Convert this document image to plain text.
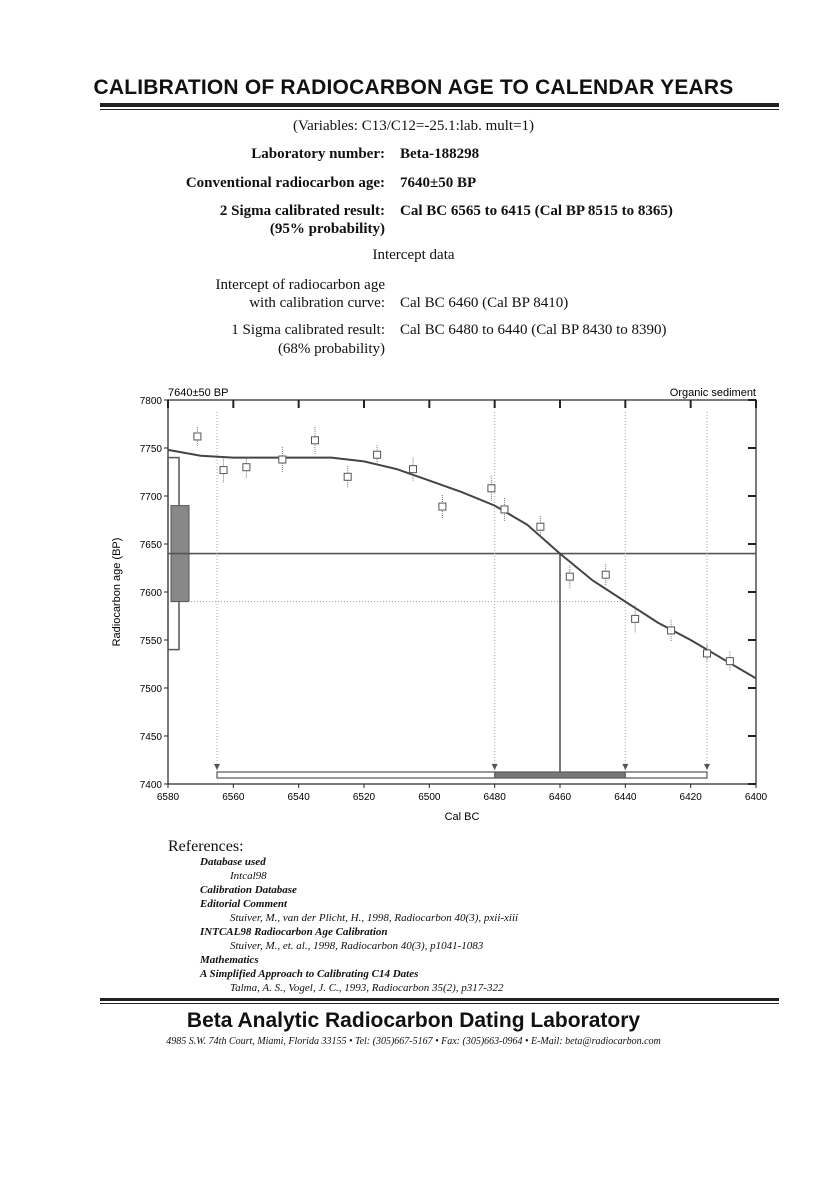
CALIBRATION OF RADIOCARBON AGE TO CALENDAR YEARS
(Variables: C13/C12=-25.1:lab. mult=1)
Laboratory number: Beta-188298
Conventional radiocarbon age: 7640±50 BP
2 Sigma calibrated result:
(95% probability)
Cal BC 6565 to 6415 (Cal BP 8515 to 8365)
Intercept data
Intercept of radiocarbon age
with calibration curve: Cal BC 6460 (Cal BP 8410)
1 Sigma calibrated result:
(68% probability)
Cal BC 6480 to 6440 (Cal BP 8430 to 8390)
6580	6560	6540	6520	6500	6480	6460	6440	6420	6400
7400
7450
7500
7550
7600
7650
7700
7750
7800
7640±50 BP	Organic sediment
Cal BC
Radiocarbon age (BP)
References:
Database used
Intcal98
Calibration Database
Editorial Comment
Stuiver, M., van der Plicht, H., 1998, Radiocarbon 40(3), pxii-xiii
INTCAL98 Radiocarbon Age Calibration
Stuiver, M., et. al., 1998, Radiocarbon 40(3), p1041-1083
Mathematics
A Simplified Approach to Calibrating C14 Dates
Talma, A. S., Vogel, J. C., 1993, Radiocarbon 35(2), p317-322
Beta Analytic Radiocarbon Dating Laboratory
4985 S.W. 74th Court, Miami, Florida 33155 • Tel: (305)667-5167 • Fax: (305)663-0964 • E-Mail: beta@radiocarbon.com
